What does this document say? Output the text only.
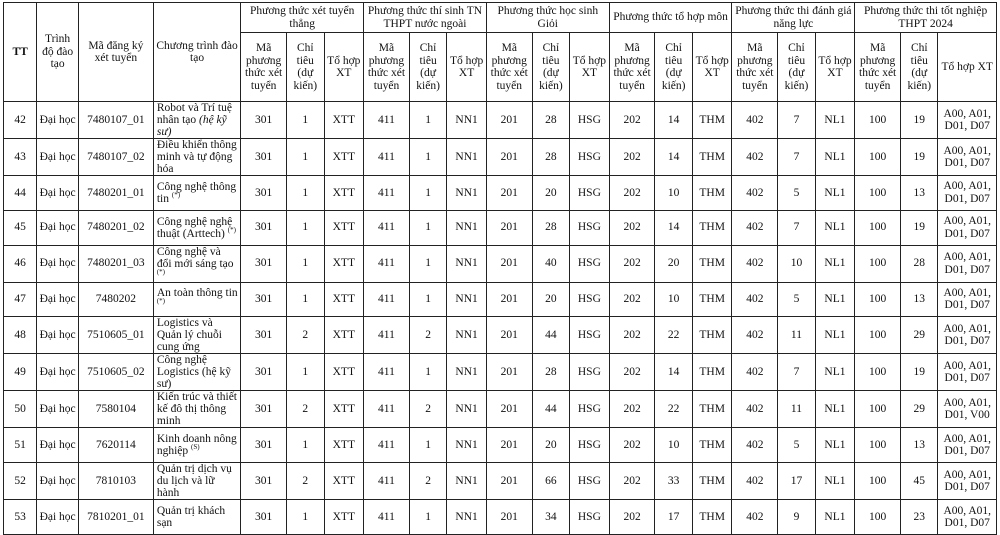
TT	Trình độ đào tạo	Mã đăng ký xét tuyển	Chương trình đào tạo	Phương thức xét tuyển thẳng			Phương thức thí sinh TN THPT nước ngoài			Phương thức học sinh Giỏi			Phương thức tổ hợp môn			Phương thức thi đánh giá năng lực			Phương thức thi tốt nghiệp THPT 2024		
				Mã phương thức xét tuyển	Chỉ tiêu (dự kiến)	Tổ hợp XT	Mã phương thức xét tuyển	Chỉ tiêu (dự kiến)	Tổ hợp XT	Mã phương thức xét tuyển	Chỉ tiêu (dự kiến)	Tổ hợp XT	Mã phương thức xét tuyển	Chỉ tiêu (dự kiến)	Tổ hợp XT	Mã phương thức xét tuyển	Chỉ tiêu (dự kiến)	Tổ hợp XT	Mã phương thức xét tuyển	Chỉ tiêu (dự kiến)	Tổ hợp XT
42	Đại học	7480107_01	Robot và Trí tuệ nhân tạo (hệ kỹ sư)	301	1	XTT	411	1	NN1	201	28	HSG	202	14	THM	402	7	NL1	100	19	A00, A01, D01, D07
43	Đại học	7480107_02	Điều khiển thông minh và tự động hóa	301	1	XTT	411	1	NN1	201	28	HSG	202	14	THM	402	7	NL1	100	19	A00, A01, D01, D07
44	Đại học	7480201_01	Công nghệ thông tin (*)	301	1	XTT	411	1	NN1	201	20	HSG	202	10	THM	402	5	NL1	100	13	A00, A01, D01, D07
45	Đại học	7480201_02	Công nghệ nghệ thuật (Arttech) (*)	301	1	XTT	411	1	NN1	201	28	HSG	202	14	THM	402	7	NL1	100	19	A00, A01, D01, D07
46	Đại học	7480201_03	Công nghệ và đổi mới sáng tạo (*)	301	1	XTT	411	1	NN1	201	40	HSG	202	20	THM	402	10	NL1	100	28	A00, A01, D01, D07
47	Đại học	7480202	An toàn thông tin (*)	301	1	XTT	411	1	NN1	201	20	HSG	202	10	THM	402	5	NL1	100	13	A00, A01, D01, D07
48	Đại học	7510605_01	Logistics và Quản lý chuỗi cung ứng	301	2	XTT	411	2	NN1	201	44	HSG	202	22	THM	402	11	NL1	100	29	A00, A01, D01, D07
49	Đại học	7510605_02	Công nghệ Logistics (hệ kỹ sư)	301	1	XTT	411	1	NN1	201	28	HSG	202	14	THM	402	7	NL1	100	19	A00, A01, D01, D07
50	Đại học	7580104	Kiến trúc và thiết kế đô thị thông minh	301	2	XTT	411	2	NN1	201	44	HSG	202	22	THM	402	11	NL1	100	29	A00, A01, D01, V00
51	Đại học	7620114	Kinh doanh nông nghiệp $^{(S)}$	301	1	XTT	411	1	NN1	201	20	HSG	202	10	THM	402	5	NL1	100	13	A00, A01, D01, D07
52	Đại học	7810103	Quản trị dịch vụ du lịch và lữ hành	301	2	XTT	411	2	NN1	201	66	HSG	202	33	THM	402	17	NL1	100	45	A00, A01, D01, D07
53	Đại học	7810201_01	Quản trị khách sạn	301	1	XTT	411	1	NN1	201	34	HSG	202	17	THM	402	9	NL1	100	23	A00, A01, D01, D07
